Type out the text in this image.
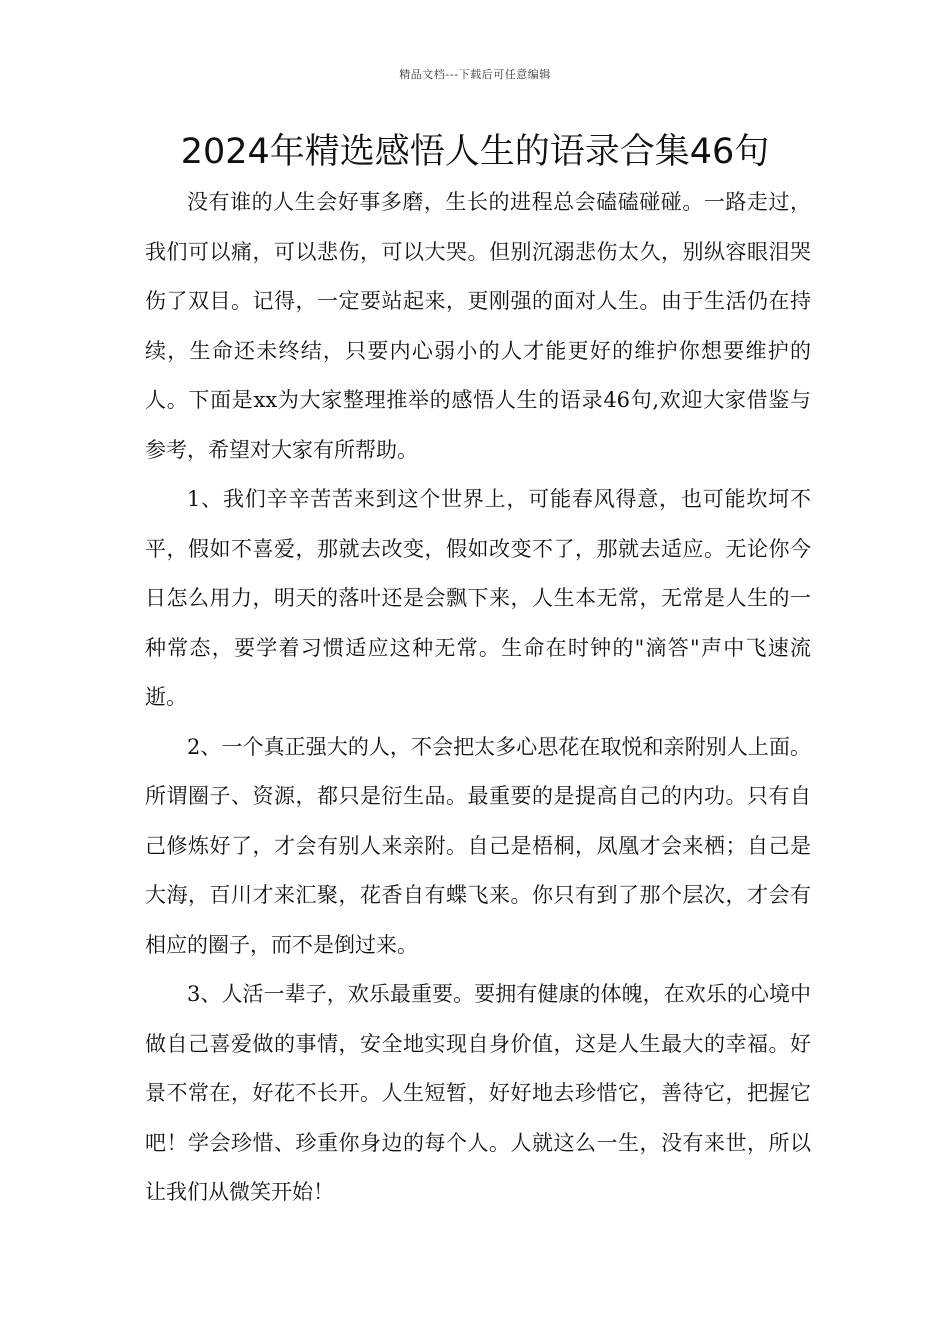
精品文档---下载后可任意编辑
2024年精选感悟人生的语录合集46句

没有谁的人生会好事多磨，生长的进程总会磕磕碰碰。一路走过，我们可以痛，可以悲伤，可以大哭。但别沉溺悲伤太久，别纵容眼泪哭伤了双目。记得，一定要站起来，更刚强的面对人生。由于生活仍在持续，生命还未终结，只要内心弱小的人才能更好的维护你想要维护的人。下面是xx为大家整理推举的感悟人生的语录46句,欢迎大家借鉴与参考，希望对大家有所帮助。

1、我们辛辛苦苦来到这个世界上，可能春风得意，也可能坎坷不平，假如不喜爱，那就去改变，假如改变不了，那就去适应。无论你今日怎么用力，明天的落叶还是会飘下来，人生本无常，无常是人生的一种常态，要学着习惯适应这种无常。生命在时钟的"滴答"声中飞速流逝。

2、一个真正强大的人，不会把太多心思花在取悦和亲附别人上面。所谓圈子、资源，都只是衍生品。最重要的是提高自己的内功。只有自己修炼好了，才会有别人来亲附。自己是梧桐，凤凰才会来栖；自己是大海，百川才来汇聚，花香自有蝶飞来。你只有到了那个层次，才会有相应的圈子，而不是倒过来。

3、人活一辈子，欢乐最重要。要拥有健康的体魄，在欢乐的心境中做自己喜爱做的事情，安全地实现自身价值，这是人生最大的幸福。好景不常在，好花不长开。人生短暂，好好地去珍惜它，善待它，把握它吧！学会珍惜、珍重你身边的每个人。人就这么一生，没有来世，所以让我们从微笑开始！
